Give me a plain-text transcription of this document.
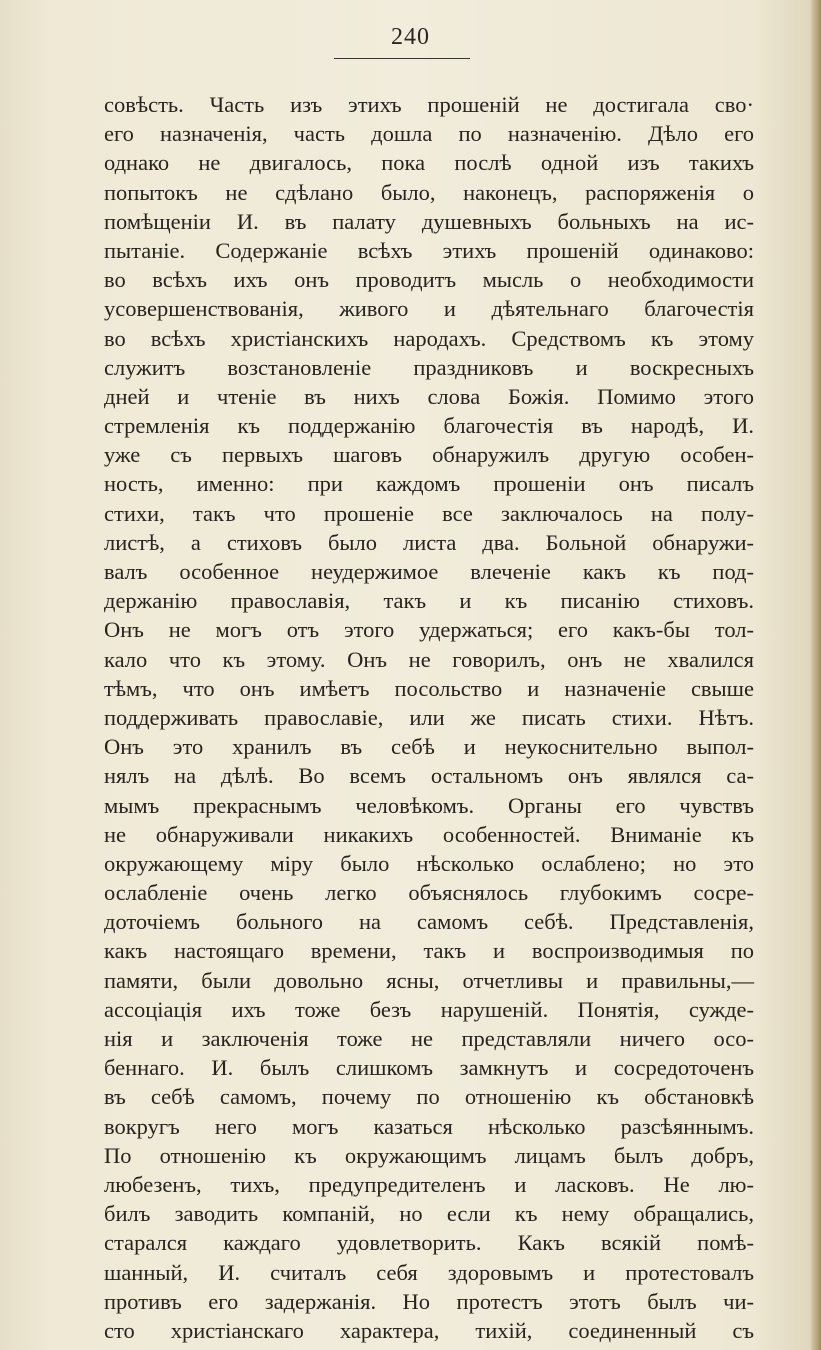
240
совѣсть. Часть изъ этихъ прошенiй не достигала сво·
его назначенiя, часть дошла по назначенiю. Дѣло его
однако не двигалось, пока послѣ одной изъ такихъ
попытокъ не сдѣлано было, наконецъ, распоряженiя о
помѣщенiи И. въ палату душевныхъ больныхъ на ис-
пытанiе. Содержанiе всѣхъ этихъ прошенiй одинаково:
во всѣхъ ихъ онъ проводитъ мысль о необходимости
усовершенствованiя, живого и дѣятельнаго благочестiя
во всѣхъ христiанскихъ народахъ. Средствомъ къ этому
служитъ возстановленiе праздниковъ и воскресныхъ
дней и чтенiе въ нихъ слова Божiя. Помимо этого
стремленiя къ поддержанiю благочестiя въ народѣ, И.
уже съ первыхъ шаговъ обнаружилъ другую особен-
ность, именно: при каждомъ прошенiи онъ писалъ
стихи, такъ что прошенiе все заключалось на полу-
листѣ, а стиховъ было листа два. Больной обнаружи-
валъ особенное неудержимое влеченiе какъ къ под-
держанiю православiя, такъ и къ писанiю стиховъ.
Онъ не могъ отъ этого удержаться; его какъ-бы тол-
кало что къ этому. Онъ не говорилъ, онъ не хвалился
тѣмъ, что онъ имѣетъ посольство и назначенiе свыше
поддерживать православiе, или же писать стихи. Нѣтъ.
Онъ это хранилъ въ себѣ и неукоснительно выпол-
нялъ на дѣлѣ. Во всемъ остальномъ онъ являлся са-
мымъ прекраснымъ человѣкомъ. Органы его чувствъ
не обнаруживали никакихъ особенностей. Вниманiе къ
окружающему мiру было нѣсколько ослаблено; но это
ослабленiе очень легко объяснялось глубокимъ сосре-
доточiемъ больного на самомъ себѣ. Представленiя,
какъ настоящаго времени, такъ и воспроизводимыя по
памяти, были довольно ясны, отчетливы и правильны,—
ассоцiацiя ихъ тоже безъ нарушенiй. Понятiя, сужде-
нiя и заключенiя тоже не представляли ничего осо-
беннаго. И. былъ слишкомъ замкнутъ и сосредоточенъ
въ себѣ самомъ, почему по отношенiю къ обстановкѣ
вокругъ него могъ казаться нѣсколько разсѣяннымъ.
По отношенiю къ окружающимъ лицамъ былъ добръ,
любезенъ, тихъ, предупредителенъ и ласковъ. Не лю-
билъ заводить компанiй, но если къ нему обращались,
старался каждаго удовлетворить. Какъ всякiй помѣ-
шанный, И. считалъ себя здоровымъ и протестовалъ
противъ его задержанiя. Но протестъ этотъ былъ чи-
сто христiанскаго характера, тихiй, соединенный съ
